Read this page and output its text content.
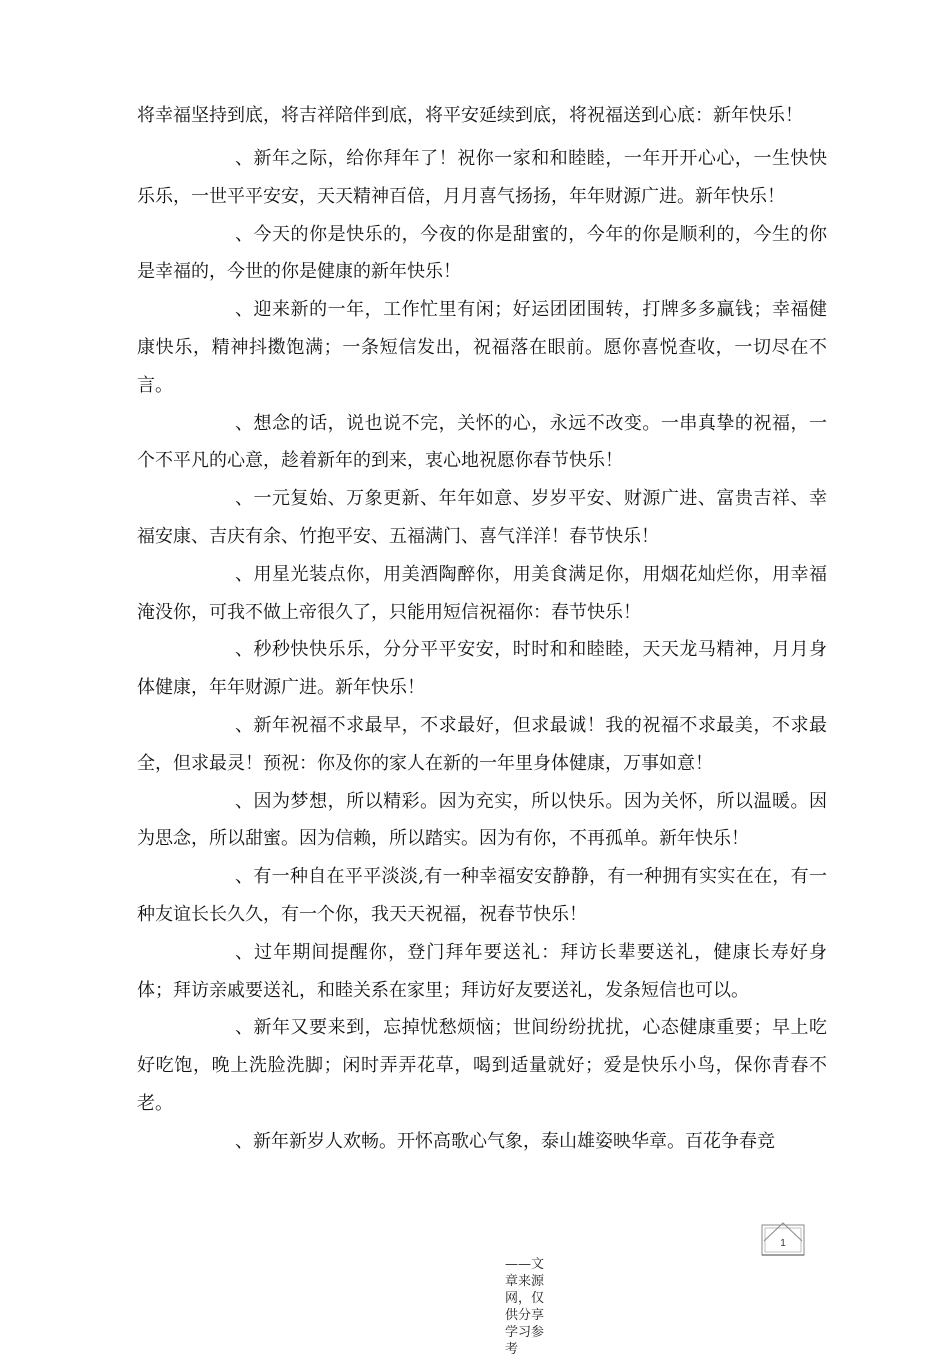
将幸福坚持到底，将吉祥陪伴到底，将平安延续到底，将祝福送到心底：新年快乐！

、新年之际，给你拜年了！祝你一家和和睦睦，一年开开心心，一生快快乐乐，一世平平安安，天天精神百倍，月月喜气扬扬，年年财源广进。新年快乐！

、今天的你是快乐的，今夜的你是甜蜜的，今年的你是顺利的，今生的你是幸福的，今世的你是健康的新年快乐！

、迎来新的一年，工作忙里有闲；好运团团围转，打牌多多赢钱；幸福健康快乐，精神抖擞饱满；一条短信发出，祝福落在眼前。愿你喜悦查收，一切尽在不言。

、想念的话，说也说不完，关怀的心，永远不改变。一串真挚的祝福，一个不平凡的心意，趁着新年的到来，衷心地祝愿你春节快乐！

、一元复始、万象更新、年年如意、岁岁平安、财源广进、富贵吉祥、幸福安康、吉庆有余、竹抱平安、五福满门、喜气洋洋！春节快乐！

、用星光装点你，用美酒陶醉你，用美食满足你，用烟花灿烂你，用幸福淹没你，可我不做上帝很久了，只能用短信祝福你：春节快乐！

、秒秒快快乐乐，分分平平安安，时时和和睦睦，天天龙马精神，月月身体健康，年年财源广进。新年快乐！

、新年祝福不求最早，不求最好，但求最诚！我的祝福不求最美，不求最全，但求最灵！预祝：你及你的家人在新的一年里身体健康，万事如意！

、因为梦想，所以精彩。因为充实，所以快乐。因为关怀，所以温暖。因为思念，所以甜蜜。因为信赖，所以踏实。因为有你，不再孤单。新年快乐！

、有一种自在平平淡淡,有一种幸福安安静静，有一种拥有实实在在，有一种友谊长长久久，有一个你，我天天祝福，祝春节快乐！

、过年期间提醒你，登门拜年要送礼：拜访长辈要送礼，健康长寿好身体；拜访亲戚要送礼，和睦关系在家里；拜访好友要送礼，发条短信也可以。

、新年又要来到，忘掉忧愁烦恼；世间纷纷扰扰，心态健康重要；早上吃好吃饱，晚上洗脸洗脚；闲时弄弄花草，喝到适量就好；爱是快乐小鸟，保你青春不老。

、新年新岁人欢畅。开怀高歌心气象，泰山雄姿映华章。百花争春竞

1
——文章来源网，仅供分享学习参考
